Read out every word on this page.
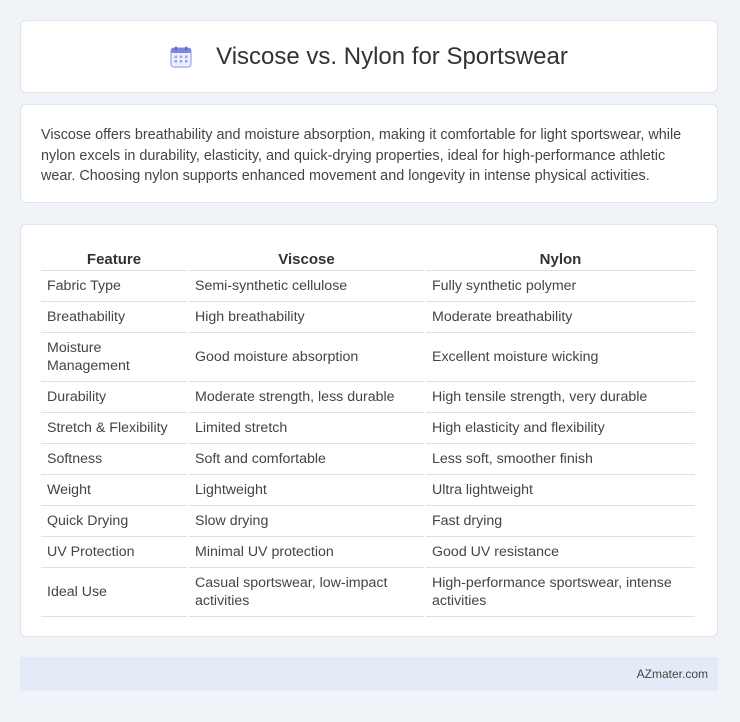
Viscose vs. Nylon for Sportswear

Viscose offers breathability and moisture absorption, making it comfortable for light sportswear, while nylon excels in durability, elasticity, and quick-drying properties, ideal for high-performance athletic wear. Choosing nylon supports enhanced movement and longevity in intense physical activities.

Feature	Viscose	Nylon
Fabric Type	Semi-synthetic cellulose	Fully synthetic polymer
Breathability	High breathability	Moderate breathability
Moisture Management	Good moisture absorption	Excellent moisture wicking
Durability	Moderate strength, less durable	High tensile strength, very durable
Stretch & Flexibility	Limited stretch	High elasticity and flexibility
Softness	Soft and comfortable	Less soft, smoother finish
Weight	Lightweight	Ultra lightweight
Quick Drying	Slow drying	Fast drying
UV Protection	Minimal UV protection	Good UV resistance
Ideal Use	Casual sportswear, low-impact activities	High-performance sportswear, intense activities
AZmater.com
